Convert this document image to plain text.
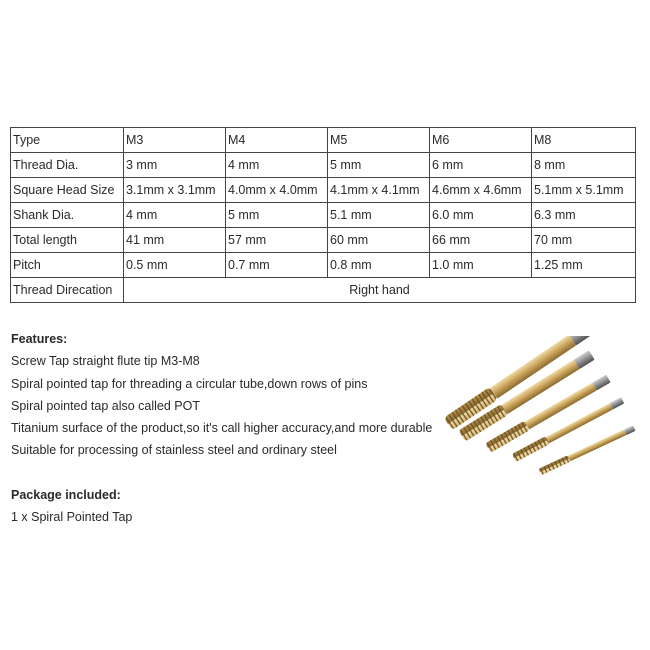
Type	M3	M4	M5	M6	M8
Thread Dia.	3 mm	4 mm	5 mm	6 mm	8 mm
Square Head Size	3.1mm x 3.1mm	4.0mm x 4.0mm	4.1mm x 4.1mm	4.6mm x 4.6mm	5.1mm x 5.1mm
Shank Dia.	4 mm	5 mm	5.1 mm	6.0 mm	6.3 mm
Total length	41 mm	57 mm	60 mm	66 mm	70 mm
Pitch	0.5 mm	0.7 mm	0.8 mm	1.0 mm	1.25 mm
Thread Direcation	Right hand				
Features:
Screw Tap straight flute tip M3-M8
Spiral pointed tap for threading a circular tube,down rows of pins
Spiral pointed tap also called POT
Titanium surface of the product,so it's call higher accuracy,and more durable
Suitable for processing of stainless steel and ordinary steel
Package included:
1 x Spiral Pointed Tap
